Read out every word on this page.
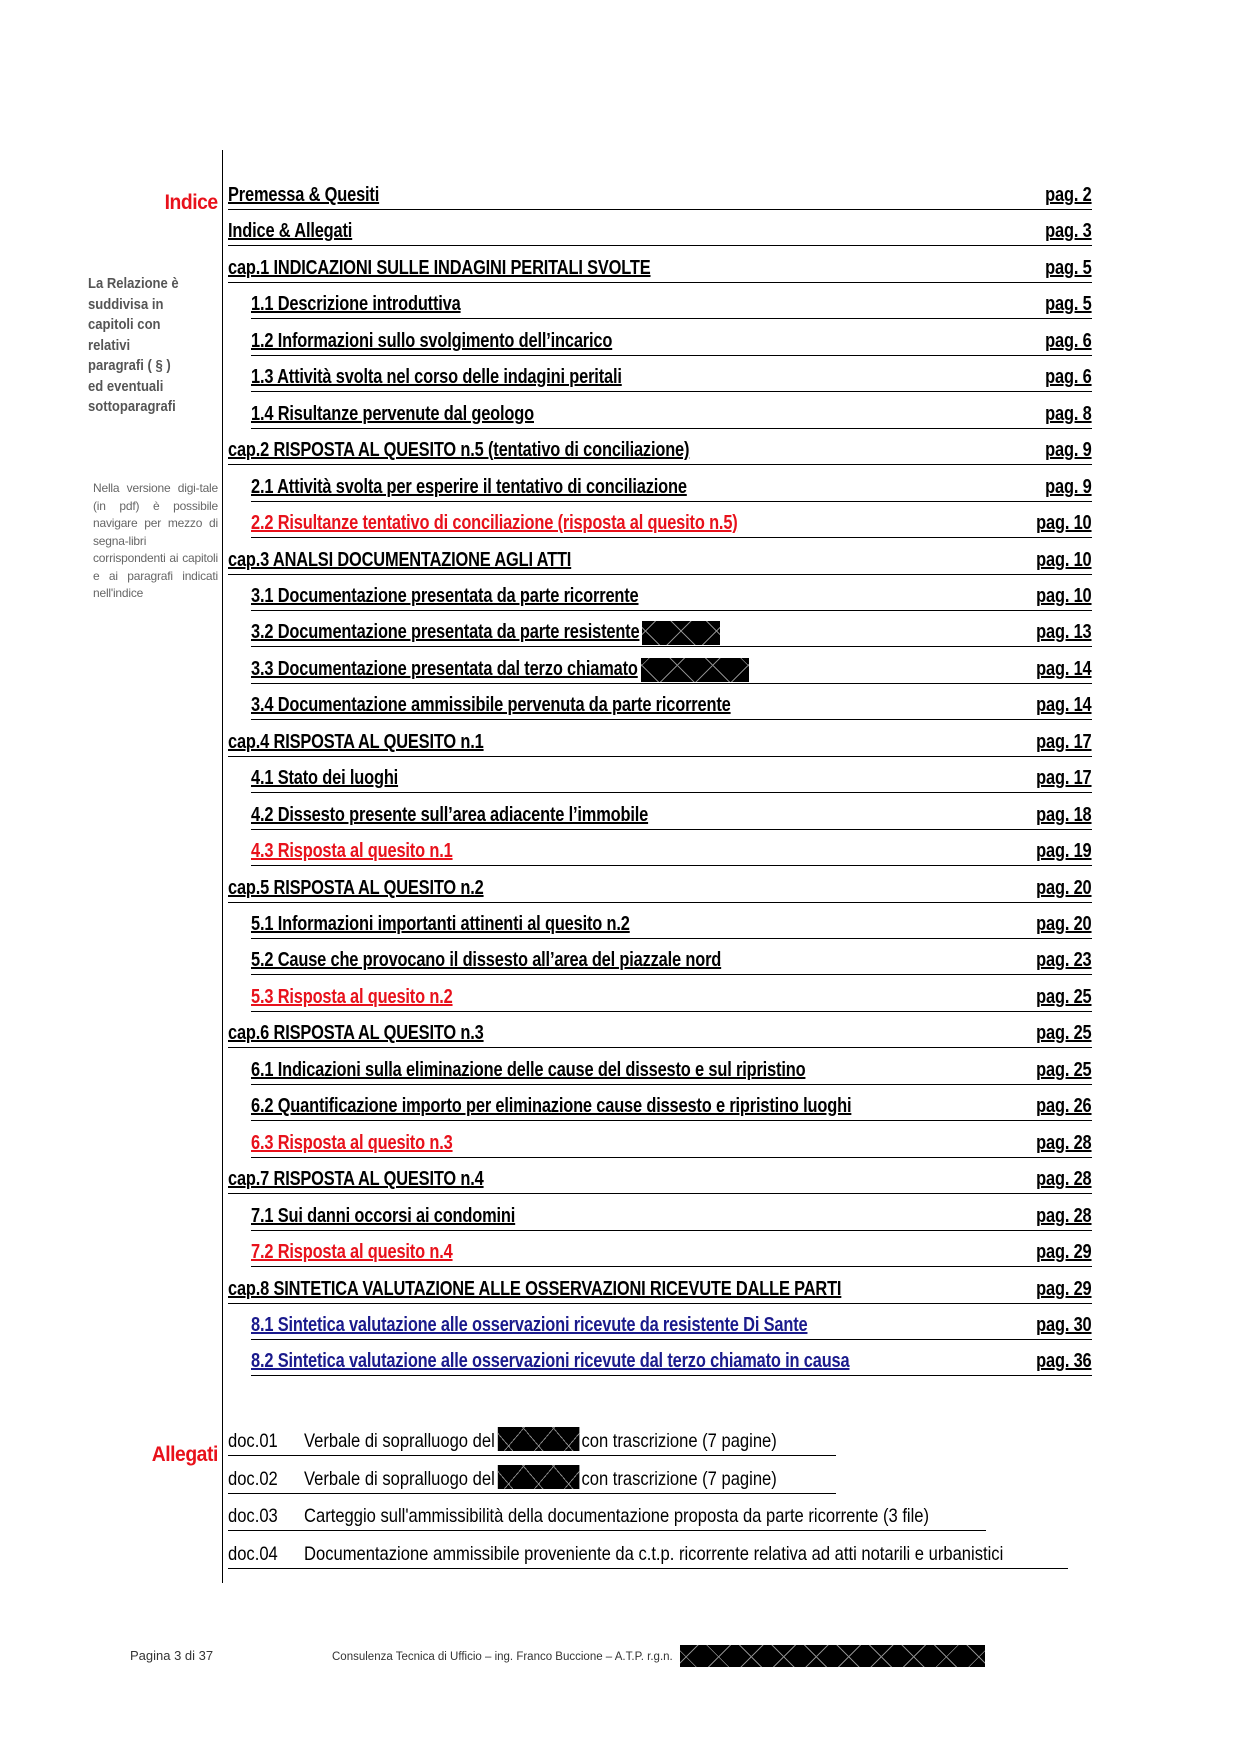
Indice
La Relazione è suddivisa in capitoli con relativi paragrafi ( § ) ed eventuali sottoparagrafi
Nella versione digi-tale (in pdf) è possibile navigare per mezzo di segna-libri corrispondenti ai capitoli e ai paragrafi indicati nell'indice
Premessa & Quesiti	pag. 2
Indice & Allegati	pag. 3
cap.1 INDICAZIONI SULLE INDAGINI PERITALI SVOLTE	pag. 5
1.1 Descrizione introduttiva	pag. 5
1.2 Informazioni sullo svolgimento dell’incarico	pag. 6
1.3 Attività svolta nel corso delle indagini peritali	pag. 6
1.4 Risultanze pervenute dal geologo	pag. 8
cap.2 RISPOSTA AL QUESITO n.5 (tentativo di conciliazione)	pag. 9
2.1 Attività svolta per esperire il tentativo di conciliazione	pag. 9
2.2 Risultanze tentativo di conciliazione (risposta al quesito n.5)	pag. 10
cap.3 ANALSI DOCUMENTAZIONE AGLI ATTI	pag. 10
3.1 Documentazione presentata da parte ricorrente	pag. 10
3.2 Documentazione presentata da parte resistente	pag. 13
3.3 Documentazione presentata dal terzo chiamato	pag. 14
3.4 Documentazione ammissibile pervenuta da parte ricorrente	pag. 14
cap.4 RISPOSTA AL QUESITO n.1	pag. 17
4.1 Stato dei luoghi	pag. 17
4.2 Dissesto presente sull’area adiacente l’immobile	pag. 18
4.3 Risposta al quesito n.1	pag. 19
cap.5 RISPOSTA AL QUESITO n.2	pag. 20
5.1 Informazioni importanti attinenti al quesito n.2	pag. 20
5.2 Cause che provocano il dissesto all’area del piazzale nord	pag. 23
5.3 Risposta al quesito n.2	pag. 25
cap.6 RISPOSTA AL QUESITO n.3	pag. 25
6.1 Indicazioni sulla eliminazione delle cause del dissesto e sul ripristino	pag. 25
6.2 Quantificazione importo per eliminazione cause dissesto e ripristino luoghi	pag. 26
6.3 Risposta al quesito n.3	pag. 28
cap.7 RISPOSTA AL QUESITO n.4	pag. 28
7.1 Sui danni occorsi ai condomini	pag. 28
7.2 Risposta al quesito n.4	pag. 29
cap.8 SINTETICA VALUTAZIONE ALLE OSSERVAZIONI RICEVUTE DALLE PARTI	pag. 29
8.1 Sintetica valutazione alle osservazioni ricevute da resistente Di Sante	pag. 30
8.2 Sintetica valutazione alle osservazioni ricevute dal terzo chiamato in causa	pag. 36
Allegati
doc.01 Verbale di sopralluogo del	con trascrizione (7 pagine)
doc.02 Verbale di sopralluogo del	con trascrizione (7 pagine)
doc.03 Carteggio sull'ammissibilità della documentazione proposta da parte ricorrente (3 file)
doc.04 Documentazione ammissibile proveniente da c.t.p. ricorrente relativa ad atti notarili e urbanistici
Pagina 3 di 37	Consulenza Tecnica di Ufficio – ing. Franco Buccione – A.T.P. r.g.n.
